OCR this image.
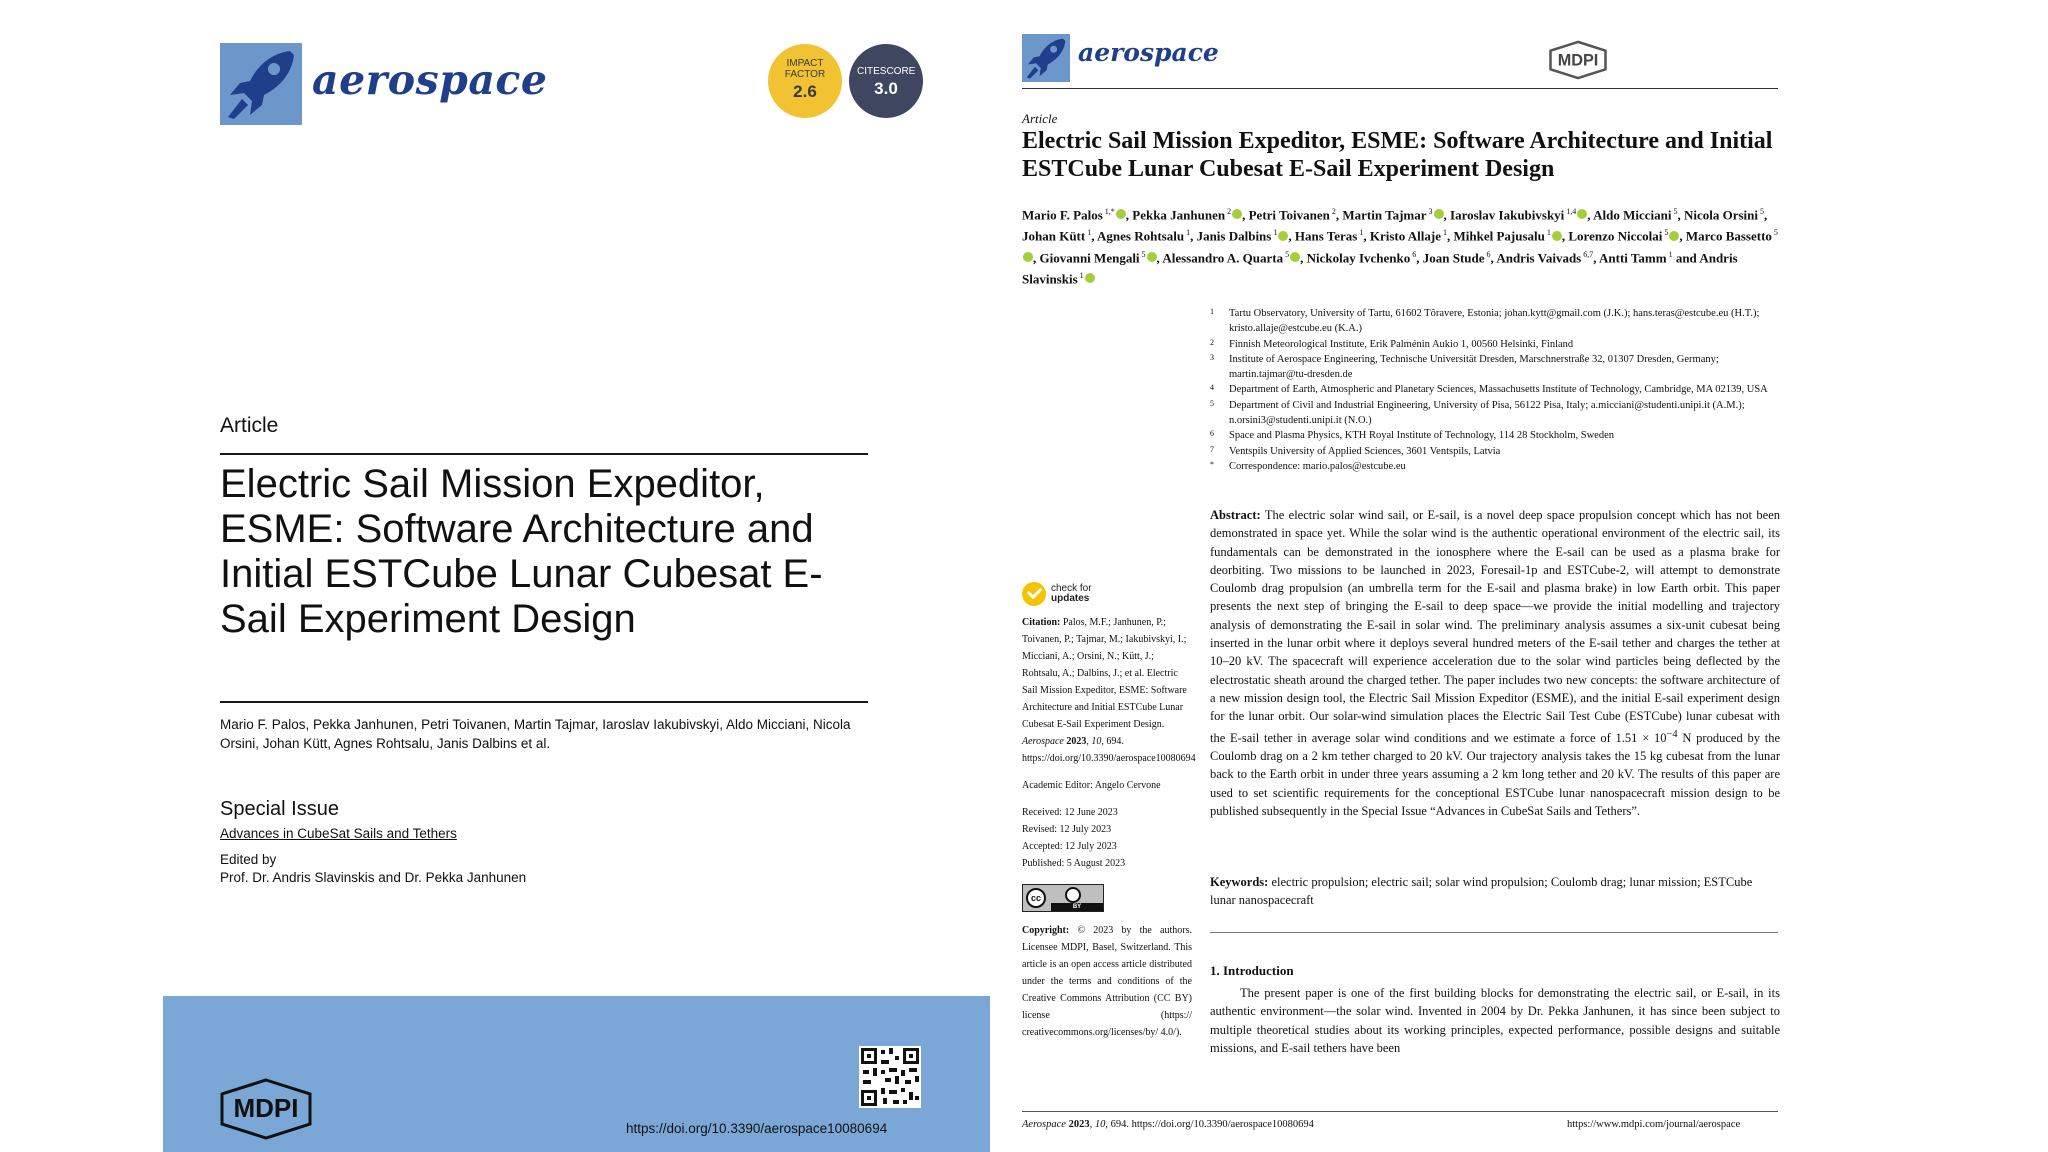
aerospace	IMPACT FACTOR
2.6
CITESCORE
3.0
Article
Electric Sail Mission Expeditor, ESME: Software Architecture and Initial ESTCube Lunar Cubesat E-Sail Experiment Design
Mario F. Palos, Pekka Janhunen, Petri Toivanen, Martin Tajmar, Iaroslav Iakubivskyi, Aldo Micciani, Nicola Orsini, Johan Kütt, Agnes Rohtsalu, Janis Dalbins et al.
Special Issue
Advances in CubeSat Sails and Tethers
Edited by
Prof. Dr. Andris Slavinskis and Dr. Pekka Janhunen
MDPI
https://doi.org/10.3390/aerospace10080694
aerospace	MDPI
Article
Electric Sail Mission Expeditor, ESME: Software Architecture and Initial ESTCube Lunar Cubesat E-Sail Experiment Design
Mario F. Palos $^{1,*}$ , Pekka Janhunen $^2$ , Petri Toivanen $^2$, Martin Tajmar $^3$ , Iaroslav Iakubivskyi $^{1,4}$ , Aldo Micciani $^5$, Nicola Orsini $^5$, Johan Kütt $^1$, Agnes Rohtsalu $^1$, Janis Dalbins $^1$ , Hans Teras $^1$, Kristo Allaje $^1$, Mihkel Pajusalu $^1$ , Lorenzo Niccolai $^5$ , Marco Bassetto $^5$, Giovanni Mengali $^5$ , Alessandro A. Quarta $^5$ , Nickolay Ivchenko $^6$, Joan Stude $^6$, Andris Vaivads $^{6,7}$, Antti Tamm $^1$ and Andris Slavinskis $^1$
1	Tartu Observatory, University of Tartu, 61602 Tõravere, Estonia; johan.kytt@gmail.com (J.K.); hans.teras@estcube.eu (H.T.); kristo.allaje@estcube.eu (K.A.)
2	Finnish Meteorological Institute, Erik Palménin Aukio 1, 00560 Helsinki, Finland
3	Institute of Aerospace Engineering, Technische Universität Dresden, Marschnerstraße 32, 01307 Dresden, Germany; martin.tajmar@tu-dresden.de
4	Department of Earth, Atmospheric and Planetary Sciences, Massachusetts Institute of Technology, Cambridge, MA 02139, USA
5	Department of Civil and Industrial Engineering, University of Pisa, 56122 Pisa, Italy; a.micciani@studenti.unipi.it (A.M.); n.orsini3@studenti.unipi.it (N.O.)
6	Space and Plasma Physics, KTH Royal Institute of Technology, 114 28 Stockholm, Sweden
7	Ventspils University of Applied Sciences, 3601 Ventspils, Latvia
*	Correspondence: mario.palos@estcube.eu
check for
updates
Citation: Palos, M.F.; Janhunen, P.; Toivanen, P.; Tajmar, M.; Iakubivskyi, I.; Micciani, A.; Orsini, N.; Kütt, J.; Rohtsalu, A.; Dalbins, J.; et al. Electric Sail Mission Expeditor, ESME: Software Architecture and Initial ESTCube Lunar Cubesat E-Sail Experiment Design. Aerospace 2023, 10, 694. https://doi.org/10.3390/aerospace10080694
Academic Editor: Angelo Cervone
Received: 12 June 2023
Revised: 12 July 2023
Accepted: 12 July 2023
Published: 5 August 2023
cc
BY
Copyright: © 2023 by the authors. Licensee MDPI, Basel, Switzerland. This article is an open access article distributed under the terms and conditions of the Creative Commons Attribution (CC BY) license (https:// creativecommons.org/licenses/by/ 4.0/).
Abstract: The electric solar wind sail, or E-sail, is a novel deep space propulsion concept which has not been demonstrated in space yet. While the solar wind is the authentic operational environment of the electric sail, its fundamentals can be demonstrated in the ionosphere where the E-sail can be used as a plasma brake for deorbiting. Two missions to be launched in 2023, Foresail-1p and ESTCube-2, will attempt to demonstrate Coulomb drag propulsion (an umbrella term for the E-sail and plasma brake) in low Earth orbit. This paper presents the next step of bringing the E-sail to deep space—we provide the initial modelling and trajectory analysis of demonstrating the E-sail in solar wind. The preliminary analysis assumes a six-unit cubesat being inserted in the lunar orbit where it deploys several hundred meters of the E-sail tether and charges the tether at 10–20 kV. The spacecraft will experience acceleration due to the solar wind particles being deflected by the electrostatic sheath around the charged tether. The paper includes two new concepts: the software architecture of a new mission design tool, the Electric Sail Mission Expeditor (ESME), and the initial E-sail experiment design for the lunar orbit. Our solar-wind simulation places the Electric Sail Test Cube (ESTCube) lunar cubesat with the E-sail tether in average solar wind conditions and we estimate a force of $1.51 \times 10^{-4}$ N produced by the Coulomb drag on a 2 km tether charged to 20 kV. Our trajectory analysis takes the 15 kg cubesat from the lunar back to the Earth orbit in under three years assuming a 2 km long tether and 20 kV. The results of this paper are used to set scientific requirements for the conceptional ESTCube lunar nanospacecraft mission design to be published subsequently in the Special Issue “Advances in CubeSat Sails and Tethers”.
Keywords: electric propulsion; electric sail; solar wind propulsion; Coulomb drag; lunar mission; ESTCube lunar nanospacecraft
1. Introduction
The present paper is one of the first building blocks for demonstrating the electric sail, or E-sail, in its authentic environment—the solar wind. Invented in 2004 by Dr. Pekka Janhunen, it has since been subject to multiple theoretical studies about its working principles, expected performance, possible designs and suitable missions, and E-sail tethers have been
Aerospace 2023, 10, 694. https://doi.org/10.3390/aerospace10080694	https://www.mdpi.com/journal/aerospace
